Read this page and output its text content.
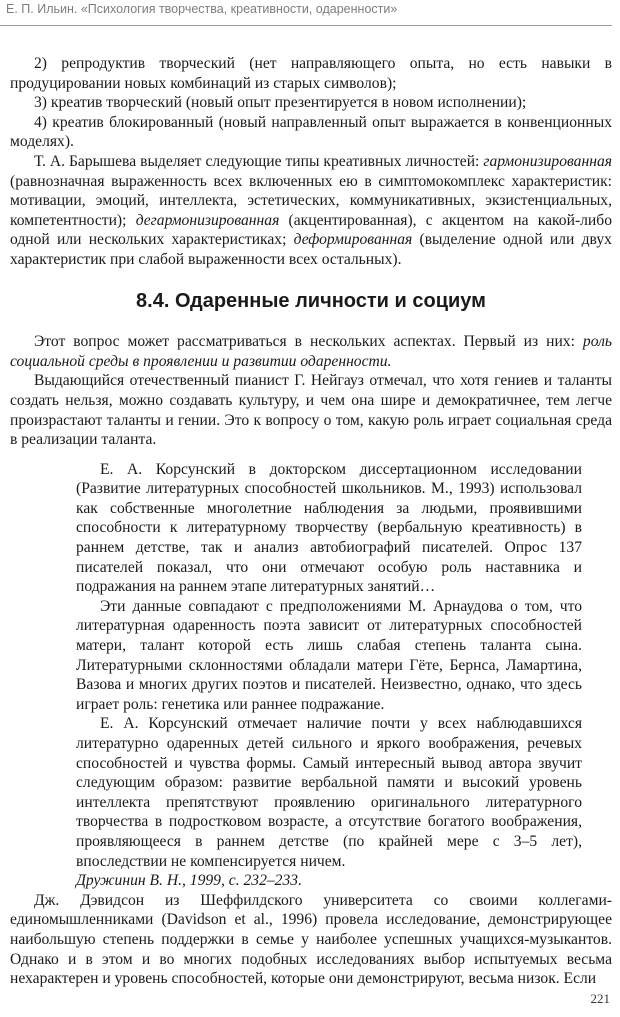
Е. П. Ильин. «Психология творчества, креативности, одаренности»

2) репродуктив творческий (нет направляющего опыта, но есть навыки в продуцировании новых комбинаций из старых символов);

3) креатив творческий (новый опыт презентируется в новом исполнении);

4) креатив блокированный (новый направленный опыт выражается в конвенционных моделях).

Т. А. Барышева выделяет следующие типы креативных личностей: гармонизированная (равнозначная выраженность всех включенных ею в симптомокомплекс характеристик: мотивации, эмоций, интеллекта, эстетических, коммуникативных, экзистенциальных, компетентности); дегармонизированная (акцентированная), с акцентом на какой-либо одной или нескольких характеристиках; деформированная (выделение одной или двух характеристик при слабой выраженности всех остальных).

8.4. Одаренные личности и социум

Этот вопрос может рассматриваться в нескольких аспектах. Первый из них: роль социальной среды в проявлении и развитии одаренности.

Выдающийся отечественный пианист Г. Нейгауз отмечал, что хотя гениев и таланты создать нельзя, можно создавать культуру, и чем она шире и демократичнее, тем легче произрастают таланты и гении. Это к вопросу о том, какую роль играет социальная среда в реализации таланта.

Е. А. Корсунский в докторском диссертационном исследовании (Развитие литературных способностей школьников. М., 1993) использовал как собственные многолетние наблюдения за людьми, проявившими способности к литературному творчеству (вербальную креативность) в раннем детстве, так и анализ автобиографий писателей. Опрос 137 писателей показал, что они отмечают особую роль наставника и подражания на раннем этапе литературных занятий…

Эти данные совпадают с предположениями М. Арнаудова о том, что литературная одаренность поэта зависит от литературных способностей матери, талант которой есть лишь слабая степень таланта сына. Литературными склонностями обладали матери Гёте, Бернса, Ламартина, Вазова и многих других поэтов и писателей. Неизвестно, однако, что здесь играет роль: генетика или раннее подражание.

Е. А. Корсунский отмечает наличие почти у всех наблюдавшихся литературно одаренных детей сильного и яркого воображения, речевых способностей и чувства формы. Самый интересный вывод автора звучит следующим образом: развитие вербальной памяти и высокий уровень интеллекта препятствуют проявлению оригинального литературного творчества в подростковом возрасте, а отсутствие богатого воображения, проявляющееся в раннем детстве (по крайней мере с 3–5 лет), впоследствии не компенсируется ничем.

Дружинин В. Н., 1999, с. 232–233.

Дж. Дэвидсон из Шеффилдского университета со своими коллегами-единомышленниками (Davidson et al., 1996) провела исследование, демонстрирующее наибольшую степень поддержки в семье у наиболее успешных учащихся-музыкантов. Однако и в этом и во многих подобных исследованиях выбор испытуемых весьма нехарактерен и уровень способностей, которые они демонстрируют, весьма низок. Если

221
